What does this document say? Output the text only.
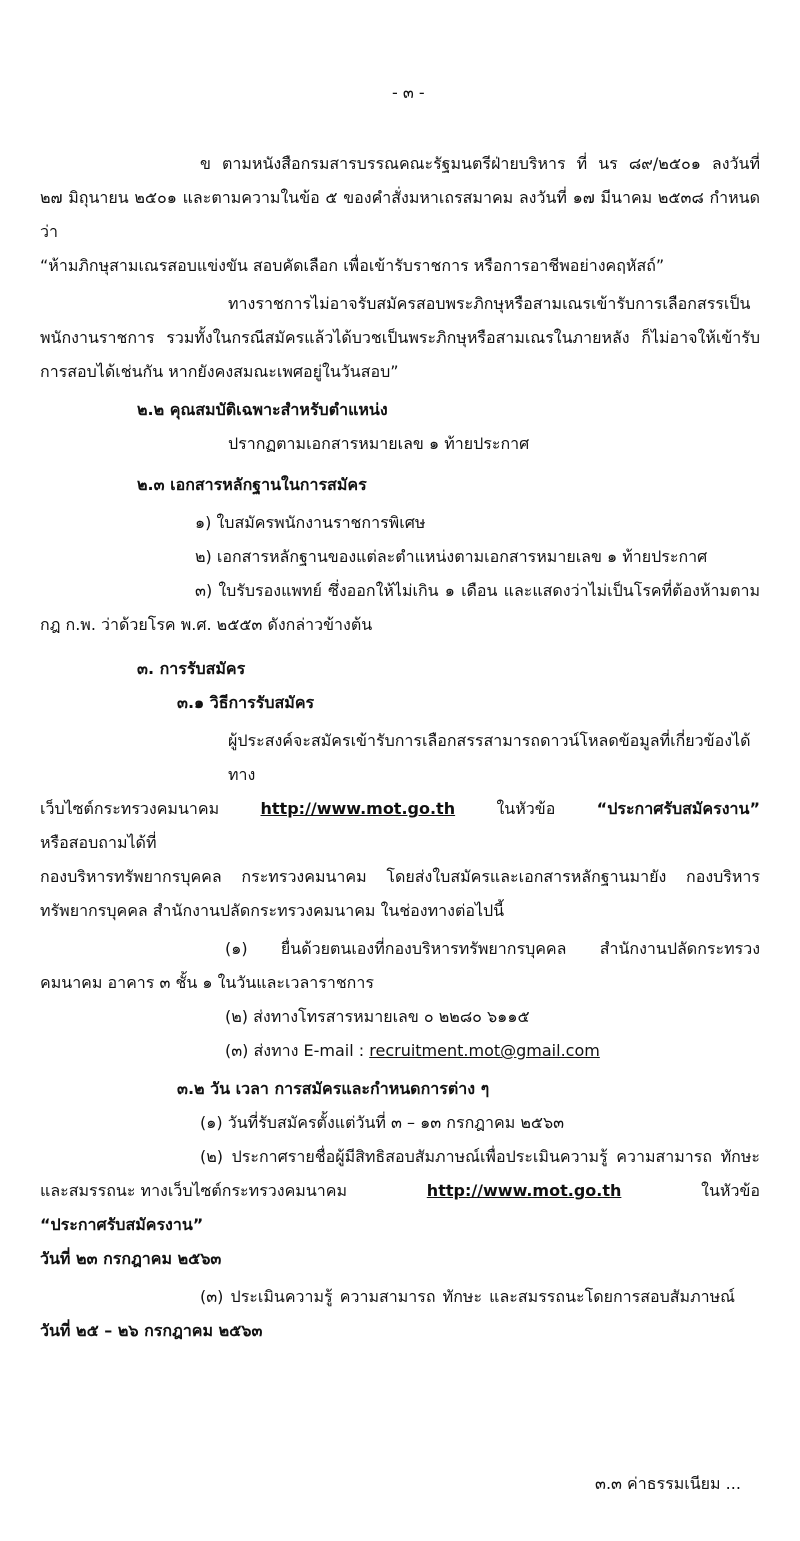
- ๓ -
ข ตามหนังสือกรมสารบรรณคณะรัฐมนตรีฝ่ายบริหาร ที่ นร ๘๙/๒๕๐๑ ลงวันที่
๒๗ มิถุนายน ๒๕๐๑ และตามความในข้อ ๕ ของคำสั่งมหาเถรสมาคม ลงวันที่ ๑๗ มีนาคม ๒๕๓๘ กำหนดว่า
“ห้ามภิกษุสามเณรสอบแข่งขัน สอบคัดเลือก เพื่อเข้ารับราชการ หรือการอาชีพอย่างคฤหัสถ์”
ทางราชการไม่อาจรับสมัครสอบพระภิกษุหรือสามเณรเข้ารับการเลือกสรรเป็น
พนักงานราชการ รวมทั้งในกรณีสมัครแล้วได้บวชเป็นพระภิกษุหรือสามเณรในภายหลัง ก็ไม่อาจให้เข้ารับ
การสอบได้เช่นกัน หากยังคงสมณะเพศอยู่ในวันสอบ”
๒.๒ คุณสมบัติเฉพาะสำหรับตำแหน่ง
ปรากฏตามเอกสารหมายเลข ๑ ท้ายประกาศ
๒.๓ เอกสารหลักฐานในการสมัคร
๑) ใบสมัครพนักงานราชการพิเศษ
๒) เอกสารหลักฐานของแต่ละตำแหน่งตามเอกสารหมายเลข ๑ ท้ายประกาศ
๓) ใบรับรองแพทย์ ซึ่งออกให้ไม่เกิน ๑ เดือน และแสดงว่าไม่เป็นโรคที่ต้องห้ามตาม
กฎ ก.พ. ว่าด้วยโรค พ.ศ. ๒๕๕๓ ดังกล่าวข้างต้น
๓. การรับสมัคร
๓.๑ วิธีการรับสมัคร
ผู้ประสงค์จะสมัครเข้ารับการเลือกสรรสามารถดาวน์โหลดข้อมูลที่เกี่ยวข้องได้ทาง
เว็บไซต์กระทรวงคมนาคม	http://www.mot.go.th	ในหัวข้อ	“ประกาศรับสมัครงาน”
หรือสอบถามได้ที่
กองบริหารทรัพยากรบุคคล กระทรวงคมนาคม โดยส่งใบสมัครและเอกสารหลักฐานมายัง กองบริหาร
ทรัพยากรบุคคล สำนักงานปลัดกระทรวงคมนาคม ในช่องทางต่อไปนี้
(๑) ยื่นด้วยตนเองที่กองบริหารทรัพยากรบุคคล สำนักงานปลัดกระทรวง
คมนาคม อาคาร ๓ ชั้น ๑ ในวันและเวลาราชการ
(๒) ส่งทางโทรสารหมายเลข ๐ ๒๒๘๐ ๖๑๑๕
(๓) ส่งทาง E-mail : recruitment.mot@gmail.com
๓.๒ วัน เวลา การสมัครและกำหนดการต่าง ๆ
(๑) วันที่รับสมัครตั้งแต่วันที่ ๓ – ๑๓ กรกฎาคม ๒๕๖๓
(๒) ประกาศรายชื่อผู้มีสิทธิสอบสัมภาษณ์เพื่อประเมินความรู้ ความสามารถ ทักษะ
และสมรรถนะ ทางเว็บไซต์กระทรวงคมนาคม	http://www.mot.go.th	ในหัวข้อ
“ประกาศรับสมัครงาน”
วันที่ ๒๓ กรกฎาคม ๒๕๖๓
(๓) ประเมินความรู้ ความสามารถ ทักษะ และสมรรถนะโดยการสอบสัมภาษณ์
วันที่ ๒๕ – ๒๖ กรกฎาคม ๒๕๖๓
๓.๓ ค่าธรรมเนียม ...
